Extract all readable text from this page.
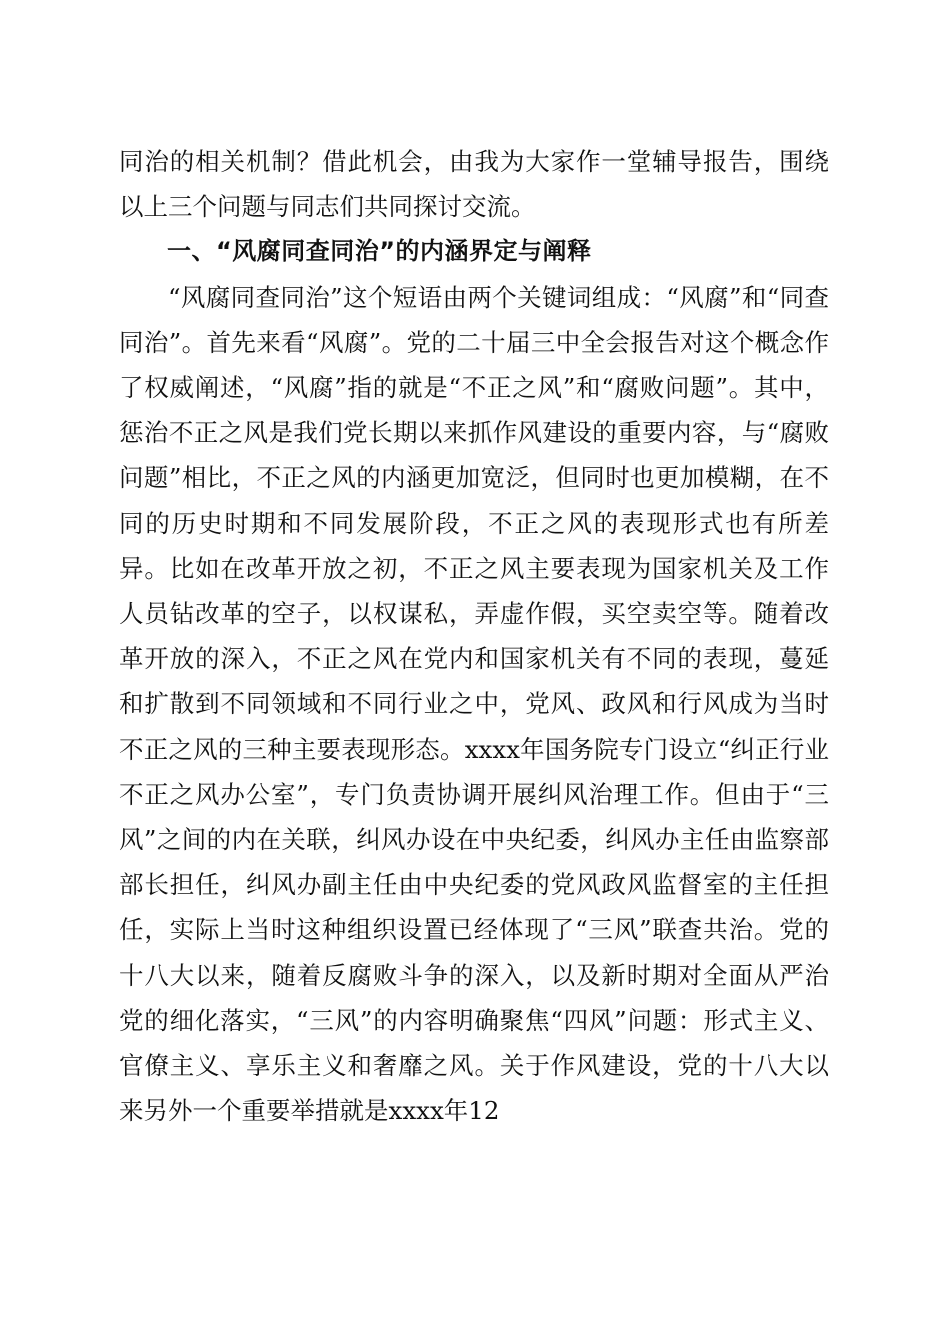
同治的相关机制？借此机会，由我为大家作一堂辅导报告，围绕以上三个问题与同志们共同探讨交流。

一、“风腐同查同治”的内涵界定与阐释

“风腐同查同治”这个短语由两个关键词组成：“风腐”和“同查同治”。首先来看“风腐”。党的二十届三中全会报告对这个概念作了权威阐述，“风腐”指的就是“不正之风”和“腐败问题”。其中，惩治不正之风是我们党长期以来抓作风建设的重要内容，与“腐败问题”相比，不正之风的内涵更加宽泛，但同时也更加模糊，在不同的历史时期和不同发展阶段，不正之风的表现形式也有所差异。比如在改革开放之初，不正之风主要表现为国家机关及工作人员钻改革的空子，以权谋私，弄虚作假，买空卖空等。随着改革开放的深入，不正之风在党内和国家机关有不同的表现，蔓延和扩散到不同领域和不同行业之中，党风、政风和行风成为当时不正之风的三种主要表现形态。xxxx年国务院专门设立“纠正行业不正之风办公室”，专门负责协调开展纠风治理工作。但由于“三风”之间的内在关联，纠风办设在中央纪委，纠风办主任由监察部部长担任，纠风办副主任由中央纪委的党风政风监督室的主任担任，实际上当时这种组织设置已经体现了“三风”联查共治。党的十八大以来，随着反腐败斗争的深入，以及新时期对全面从严治党的细化落实，“三风”的内容明确聚焦“四风”问题：形式主义、官僚主义、享乐主义和奢靡之风。关于作风建设，党的十八大以来另外一个重要举措就是xxxx年12
